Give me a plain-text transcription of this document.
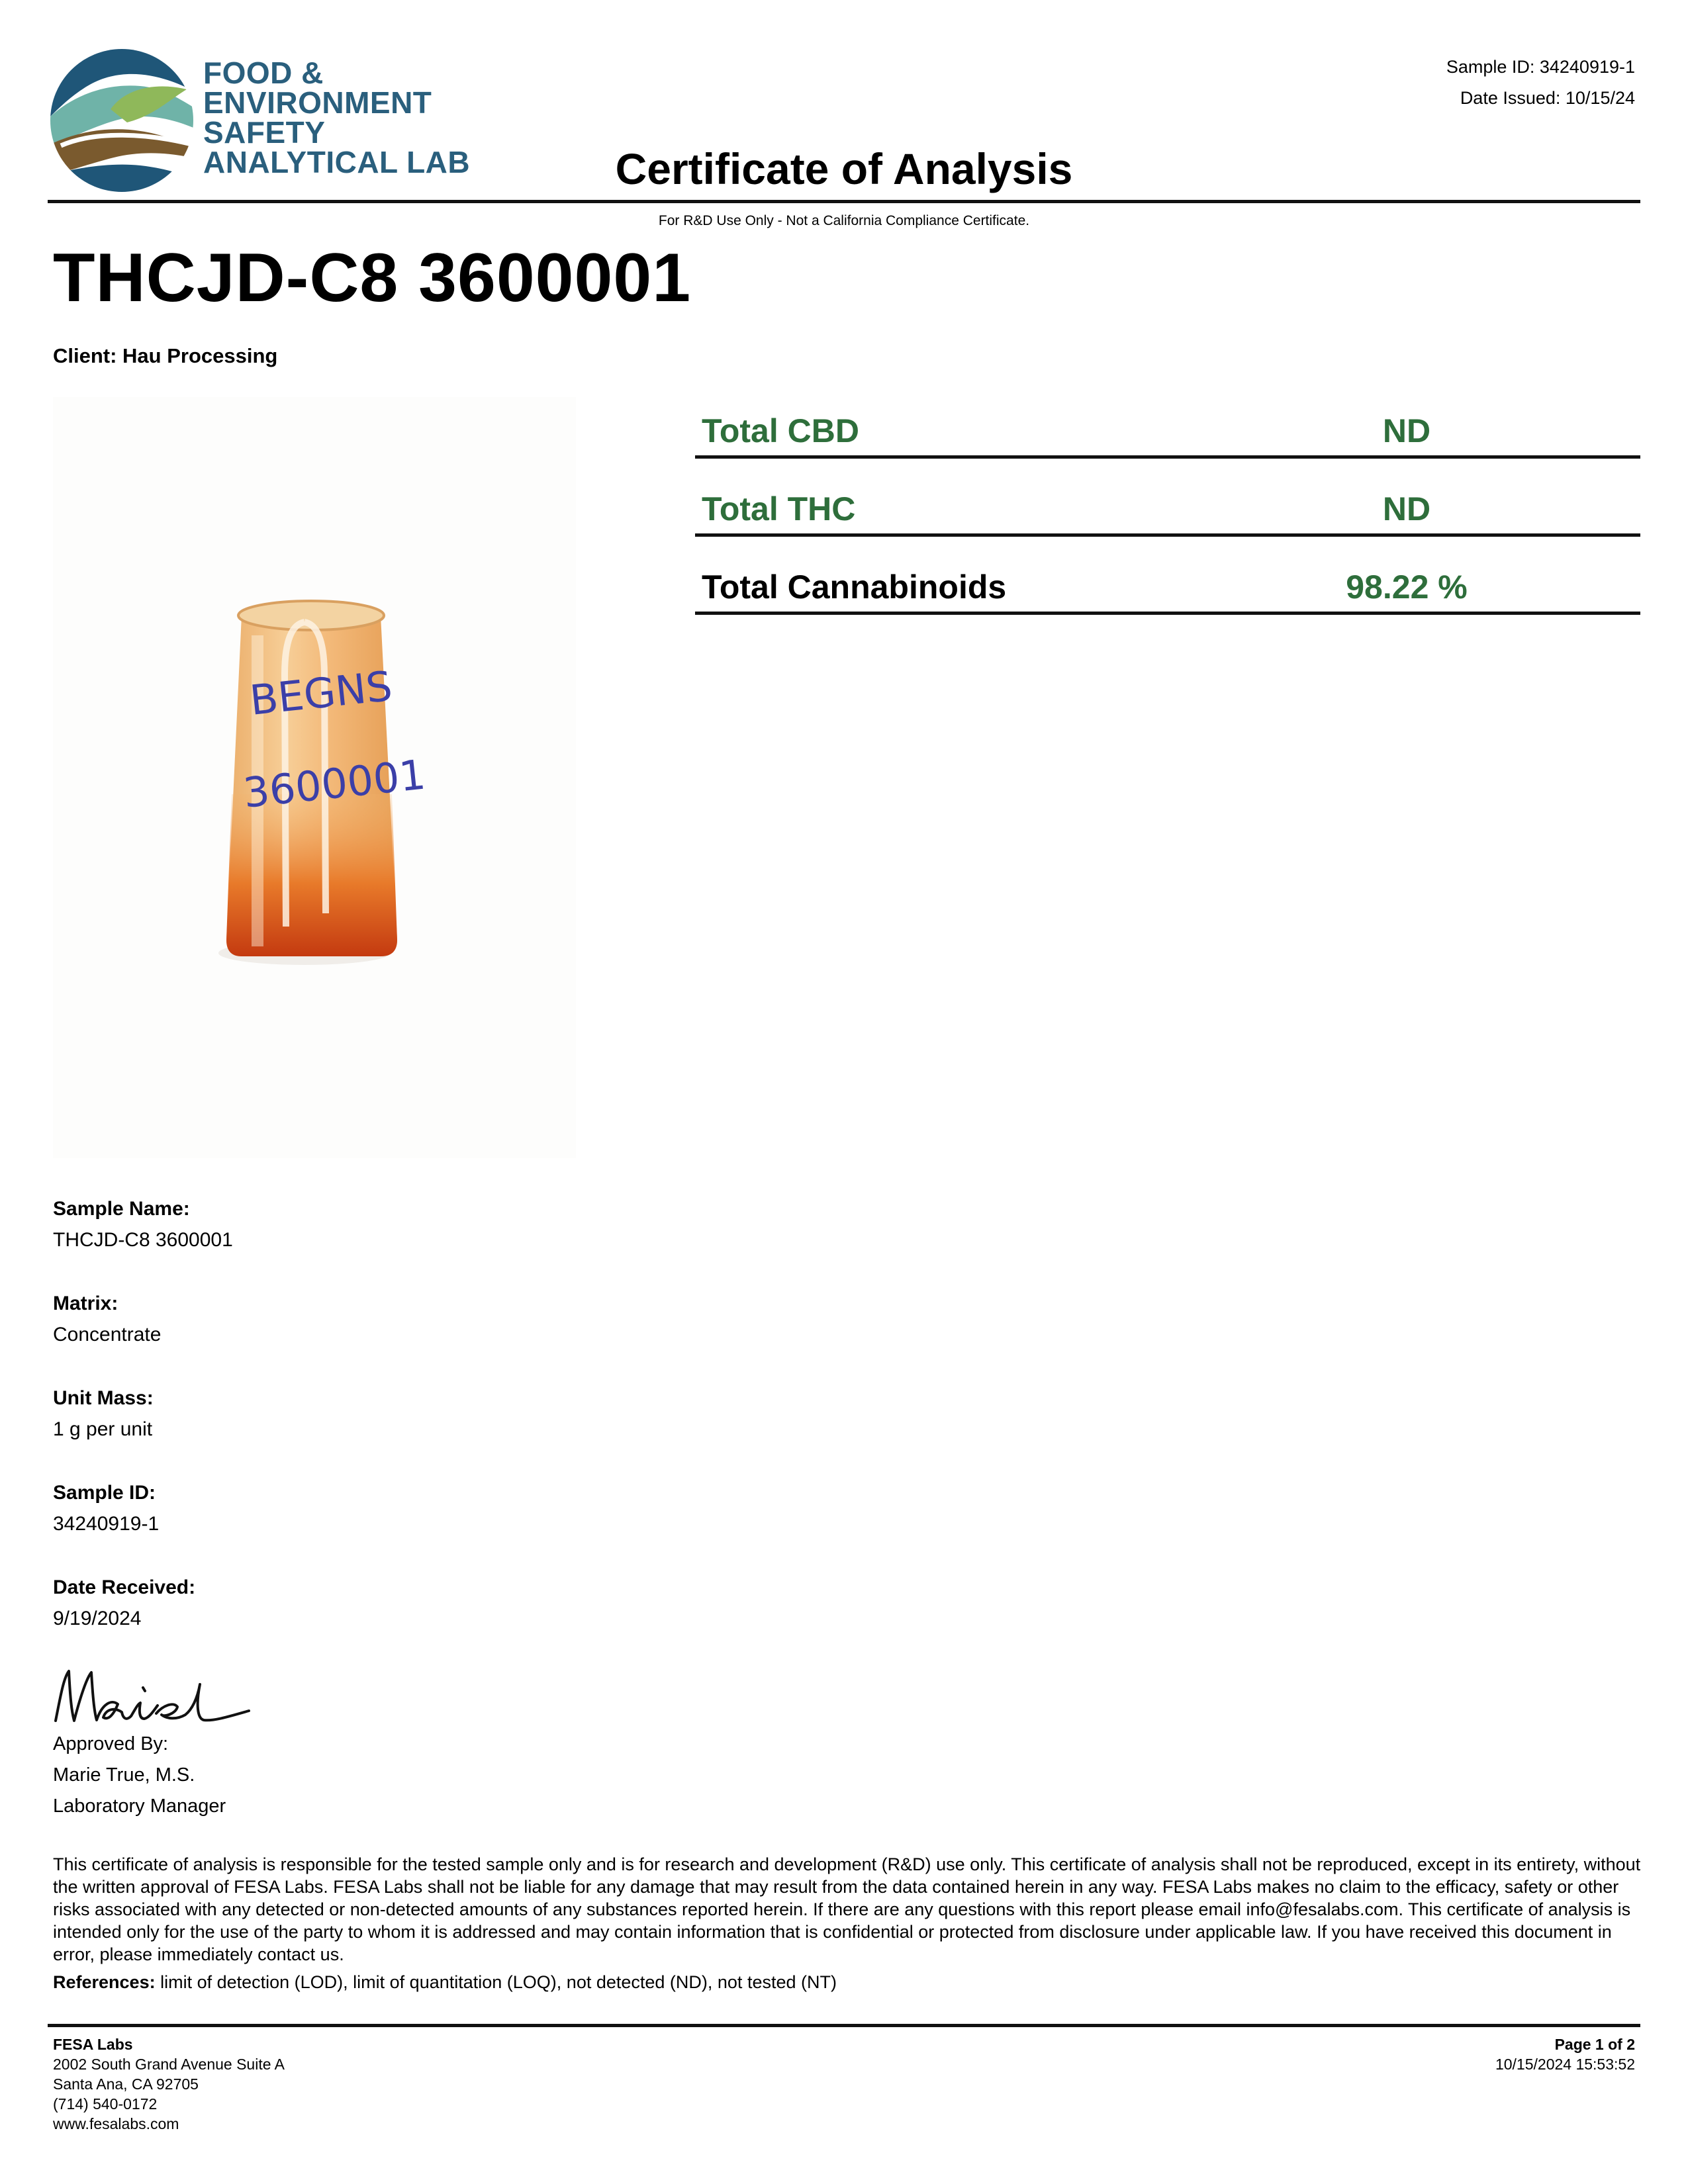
FOOD &
ENVIRONMENT
SAFETY
ANALYTICAL LAB
Sample ID: 34240919-1
Date Issued: 10/15/24
Certificate of Analysis
For R&D Use Only - Not a California Compliance Certificate.
THCJD-C8 3600001
Client: Hau Processing
Total CBD	ND
Total THC	ND
Total Cannabinoids	98.22 %
BEGNS
3600001
Sample Name:
THCJD-C8 3600001
Matrix:
Concentrate
Unit Mass:
1 g per unit
Sample ID:
34240919-1
Date Received:
9/19/2024
Approved By:
Marie True, M.S.
Laboratory Manager
This certificate of analysis is responsible for the tested sample only and is for research and development (R&D) use only. This certificate of analysis shall not be reproduced, except in its entirety, without the written approval of FESA Labs. FESA Labs shall not be liable for any damage that may result from the data contained herein in any way. FESA Labs makes no claim to the efficacy, safety or other risks associated with any detected or non-detected amounts of any substances reported herein. If there are any questions with this report please email info@fesalabs.com. This certificate of analysis is intended only for the use of the party to whom it is addressed and may contain information that is confidential or protected from disclosure under applicable law. If you have received this document in error, please immediately contact us.
References: limit of detection (LOD), limit of quantitation (LOQ), not detected (ND), not tested (NT)
FESA Labs
2002 South Grand Avenue Suite A
Santa Ana, CA 92705
(714) 540-0172
www.fesalabs.com
Page 1 of 2
10/15/2024 15:53:52
